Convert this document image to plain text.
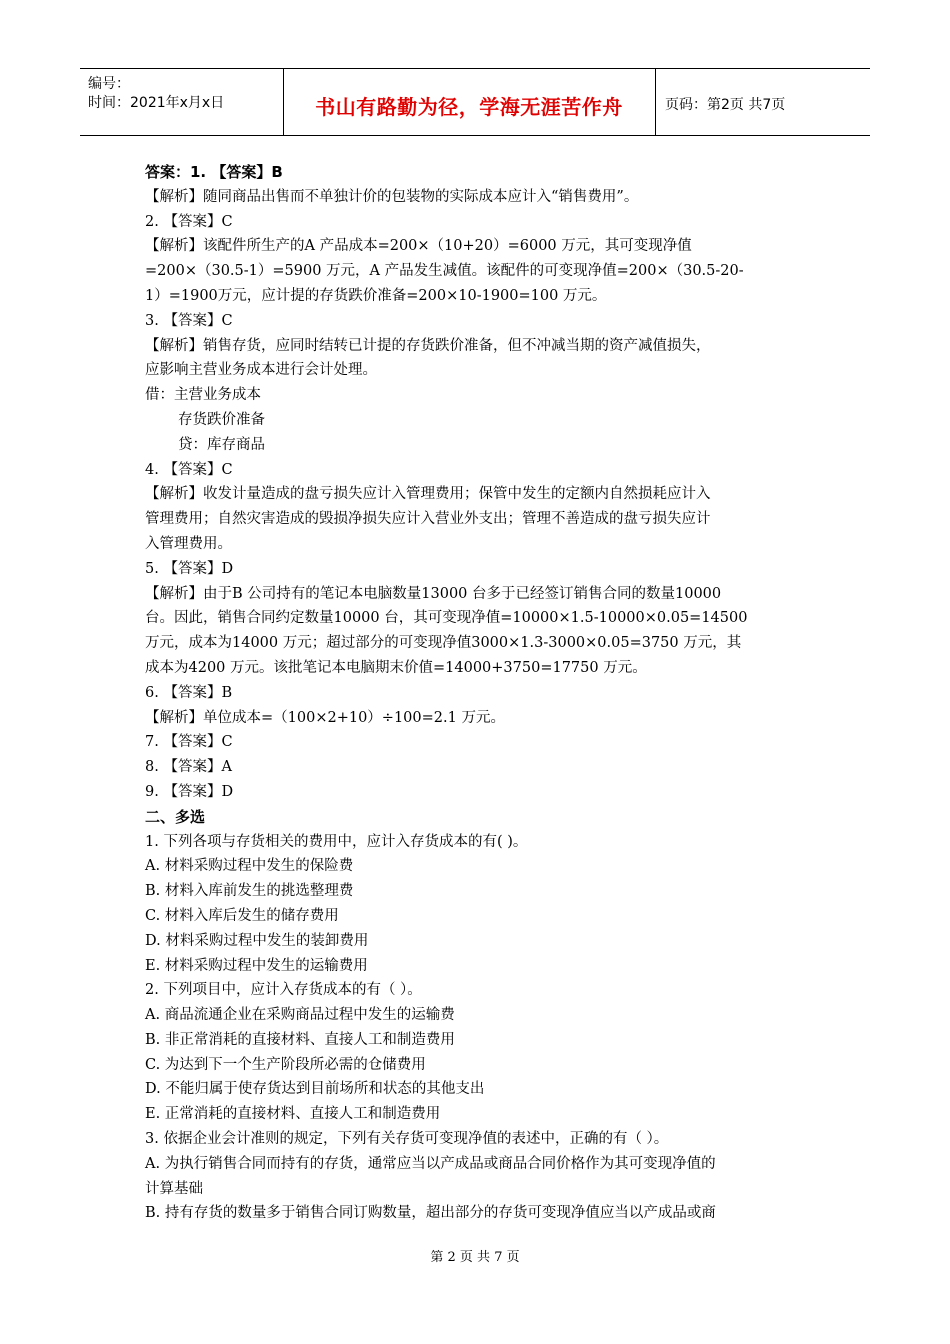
编号：
时间：2021年x月x日	书山有路勤为径，学海无涯苦作舟	页码：第2页 共7页
答案：1. 【答案】B
【解析】随同商品出售而不单独计价的包装物的实际成本应计入“销售费用”。
2. 【答案】C
【解析】该配件所生产的A 产品成本=200×（10+20）=6000 万元，其可变现净值
=200×（30.5-1）=5900 万元，A 产品发生减值。该配件的可变现净值=200×（30.5-20-
1）=1900万元，应计提的存货跌价准备=200×10-1900=100 万元。
3. 【答案】C
【解析】销售存货，应同时结转已计提的存货跌价准备，但不冲减当期的资产减值损失，
应影响主营业务成本进行会计处理。
借：主营业务成本
存货跌价准备
贷：库存商品
4. 【答案】C
【解析】收发计量造成的盘亏损失应计入管理费用；保管中发生的定额内自然损耗应计入
管理费用；自然灾害造成的毁损净损失应计入营业外支出；管理不善造成的盘亏损失应计
入管理费用。
5. 【答案】D
【解析】由于B 公司持有的笔记本电脑数量13000 台多于已经签订销售合同的数量10000
台。因此，销售合同约定数量10000 台，其可变现净值=10000×1.5-10000×0.05=14500
万元，成本为14000 万元；超过部分的可变现净值3000×1.3-3000×0.05=3750 万元，其
成本为4200 万元。该批笔记本电脑期末价值=14000+3750=17750 万元。
6. 【答案】B
【解析】单位成本=（100×2+10）÷100=2.1 万元。
7. 【答案】C
8. 【答案】A
9. 【答案】D
二、多选
1. 下列各项与存货相关的费用中，应计入存货成本的有( )。
A. 材料采购过程中发生的保险费
B. 材料入库前发生的挑选整理费
C. 材料入库后发生的储存费用
D. 材料采购过程中发生的装卸费用
E. 材料采购过程中发生的运输费用
2. 下列项目中，应计入存货成本的有（ ）。
A. 商品流通企业在采购商品过程中发生的运输费
B. 非正常消耗的直接材料、直接人工和制造费用
C. 为达到下一个生产阶段所必需的仓储费用
D. 不能归属于使存货达到目前场所和状态的其他支出
E. 正常消耗的直接材料、直接人工和制造费用
3. 依据企业会计准则的规定，下列有关存货可变现净值的表述中，正确的有（ ）。
A. 为执行销售合同而持有的存货，通常应当以产成品或商品合同价格作为其可变现净值的
计算基础
B. 持有存货的数量多于销售合同订购数量，超出部分的存货可变现净值应当以产成品或商
第 2 页 共 7 页
